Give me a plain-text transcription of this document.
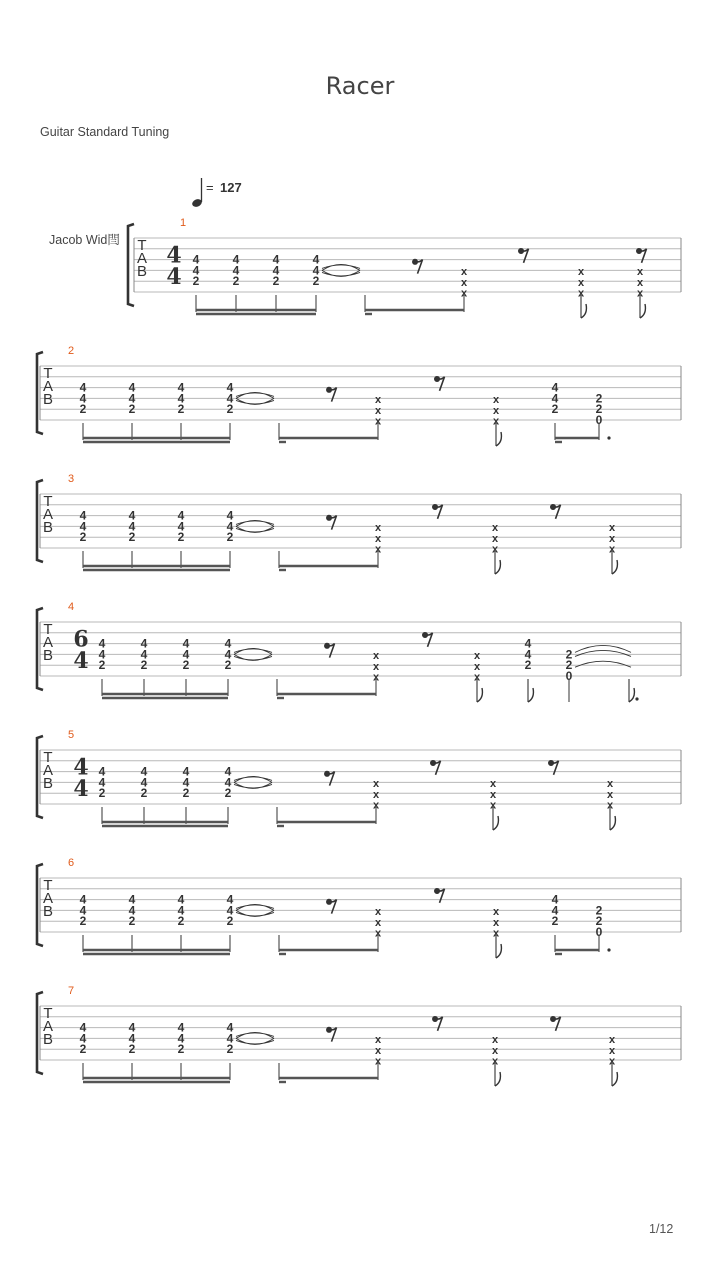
Racer
Guitar Standard Tuning
= 127
Jacob Wid閆 T
A
B
1
4
4
4
4
2
4
4
2
4
4
2
4
4
2
x
x
x
x
x
x
x
x
x
T
A
B
2
4
4
2
4
4
2
4
4
2
4
4
2
x
x
x
x
x
x
4
4
2
2
2
0
T
A
B
3
4
4
2
4
4
2
4
4
2
4
4
2
x
x
x
x
x
x
x
x
x
T
A
B
4
6
4
4
4
2
4
4
2
4
4
2
4
4
2
x
x
x
x
x
x
4
4
2
2
2
0
T
A
B
5
4
4
4
4
2
4
4
2
4
4
2
4
4
2
x
x
x
x
x
x
x
x
x
T
A
B
6
4
4
2
4
4
2
4
4
2
4
4
2
x
x
x
x
x
x
4
4
2
2
2
0
T
A
B
7
4
4
2
4
4
2
4
4
2
4
4
2
x
x
x
x
x
x
x
x
x
1/12
